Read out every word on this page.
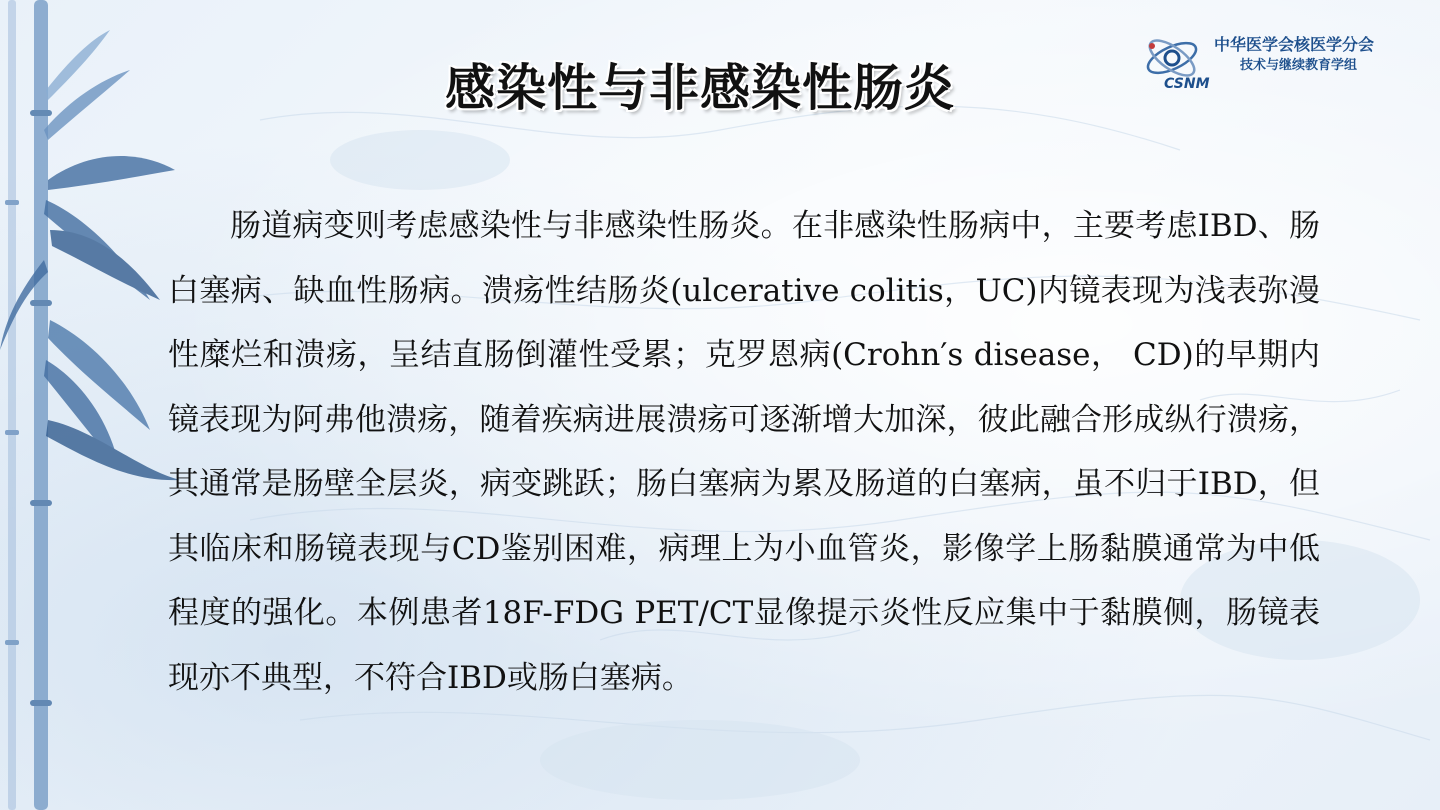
感染性与非感染性肠炎	CSNM
中华医学会核医学分会
技术与继续教育学组

肠道病变则考虑感染性与非感染性肠炎。在非感染性肠病中，主要考虑IBD、肠白塞病、缺血性肠病。溃疡性结肠炎(ulcerative colitis，UC)内镜表现为浅表弥漫性糜烂和溃疡，呈结直肠倒灌性受累；克罗恩病(Crohn′s disease， CD)的早期内镜表现为阿弗他溃疡，随着疾病进展溃疡可逐渐增大加深，彼此融合形成纵行溃疡，其通常是肠壁全层炎，病变跳跃；肠白塞病为累及肠道的白塞病，虽不归于IBD，但其临床和肠镜表现与CD鉴别困难，病理上为小血管炎，影像学上肠黏膜通常为中低程度的强化。本例患者18F-FDG PET/CT显像提示炎性反应集中于黏膜侧，肠镜表现亦不典型，不符合IBD或肠白塞病。
